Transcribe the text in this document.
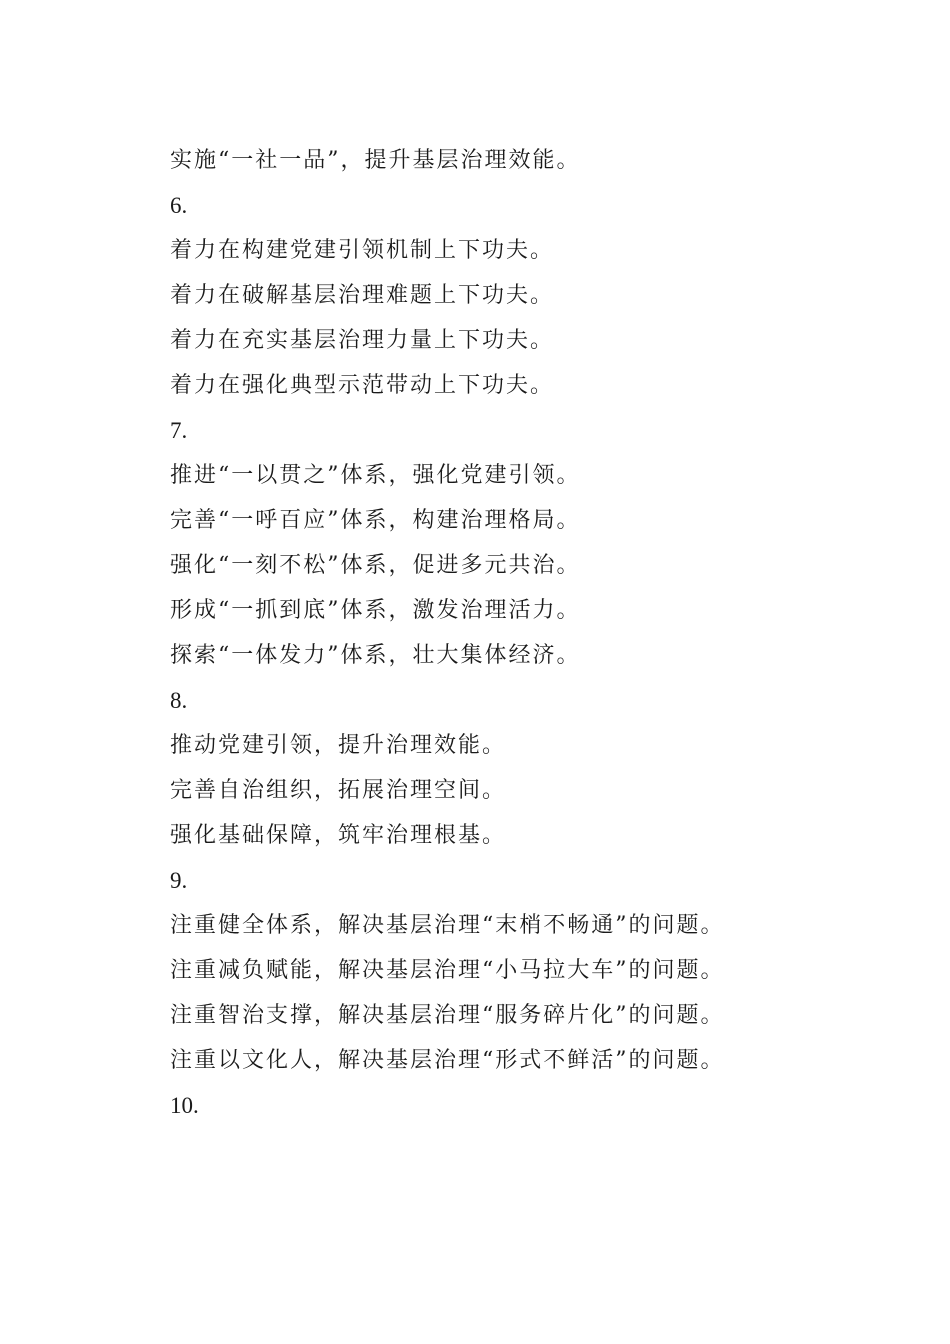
实施“一社一品”，提升基层治理效能。
6.
着力在构建党建引领机制上下功夫。
着力在破解基层治理难题上下功夫。
着力在充实基层治理力量上下功夫。
着力在强化典型示范带动上下功夫。
7.
推进“一以贯之”体系，强化党建引领。
完善“一呼百应”体系，构建治理格局。
强化“一刻不松”体系，促进多元共治。
形成“一抓到底”体系，激发治理活力。
探索“一体发力”体系，壮大集体经济。
8.
推动党建引领，提升治理效能。
完善自治组织，拓展治理空间。
强化基础保障，筑牢治理根基。
9.
注重健全体系，解决基层治理“末梢不畅通”的问题。
注重减负赋能，解决基层治理“小马拉大车”的问题。
注重智治支撑，解决基层治理“服务碎片化”的问题。
注重以文化人，解决基层治理“形式不鲜活”的问题。
10.
